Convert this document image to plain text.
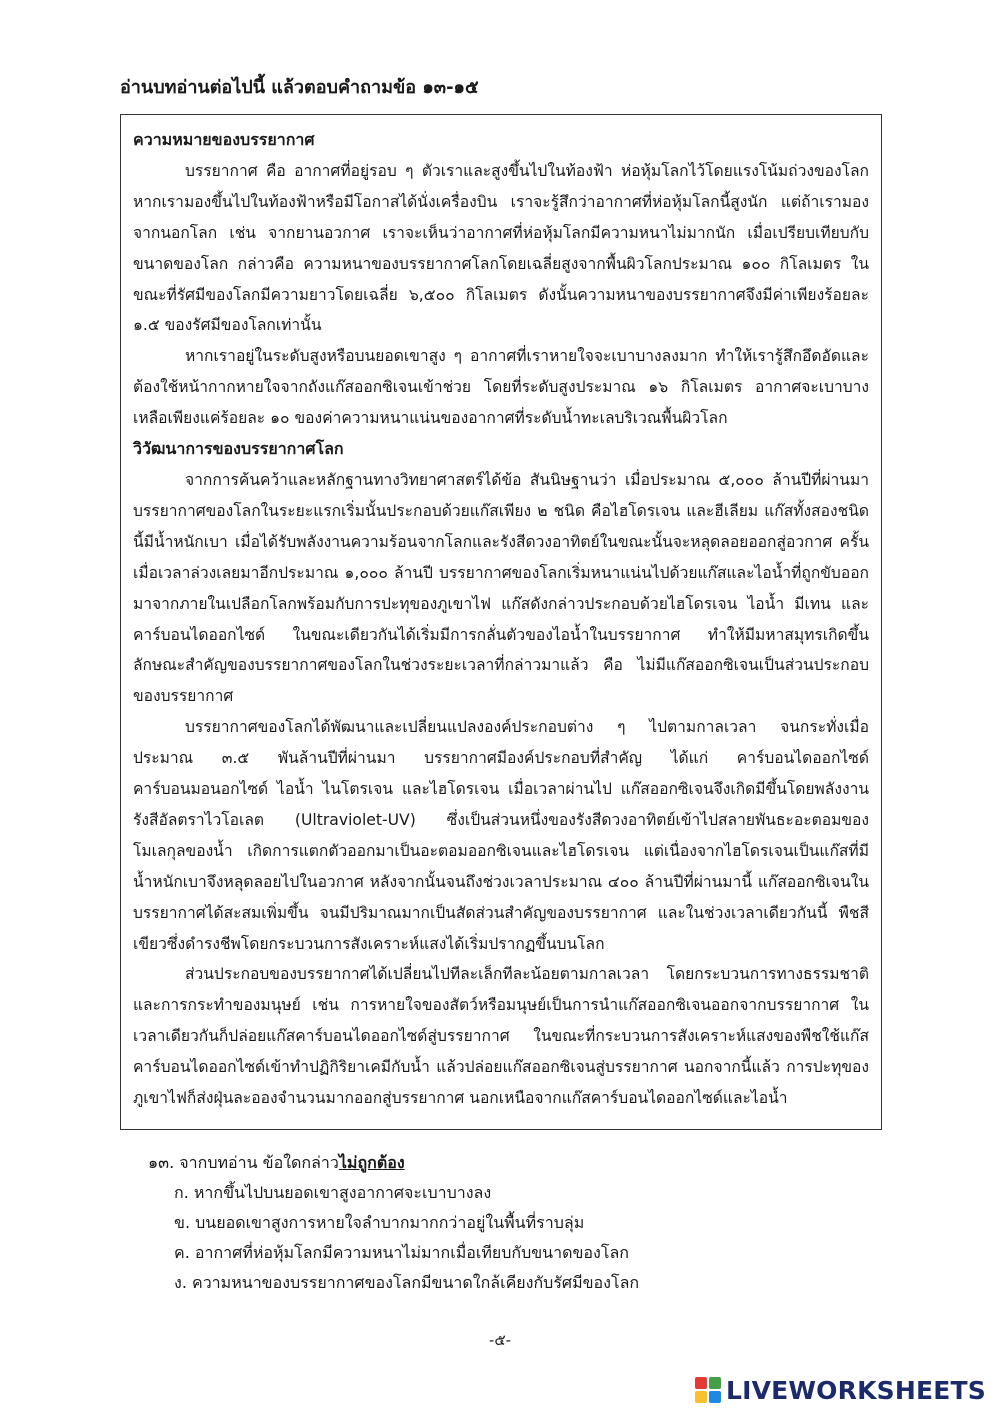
อ่านบทอ่านต่อไปนี้ แล้วตอบคำถามข้อ ๑๓-๑๕
ความหมายของบรรยากาศ

บรรยากาศ คือ อากาศที่อยู่รอบ ๆ ตัวเราและสูงขึ้นไปในท้องฟ้า ห่อหุ้มโลกไว้โดยแรงโน้มถ่วงของโลก หากเรามองขึ้นไปในท้องฟ้าหรือมีโอกาสได้นั่งเครื่องบิน เราจะรู้สึกว่าอากาศที่ห่อหุ้มโลกนี้สูงนัก แต่ถ้าเรามองจากนอกโลก เช่น จากยานอวกาศ เราจะเห็นว่าอากาศที่ห่อหุ้มโลกมีความหนาไม่มากนัก เมื่อเปรียบเทียบกับขนาดของโลก กล่าวคือ ความหนาของบรรยากาศโลกโดยเฉลี่ยสูงจากพื้นผิวโลกประมาณ ๑๐๐ กิโลเมตร ในขณะที่รัศมีของโลกมีความยาวโดยเฉลี่ย ๖,๕๐๐ กิโลเมตร ดังนั้นความหนาของบรรยากาศจึงมีค่าเพียงร้อยละ ๑.๕ ของรัศมีของโลกเท่านั้น

หากเราอยู่ในระดับสูงหรือบนยอดเขาสูง ๆ อากาศที่เราหายใจจะเบาบางลงมาก ทำให้เรารู้สึกอึดอัดและต้องใช้หน้ากากหายใจจากถังแก๊สออกซิเจนเข้าช่วย โดยที่ระดับสูงประมาณ ๑๖ กิโลเมตร อากาศจะเบาบางเหลือเพียงแค่ร้อยละ ๑๐ ของค่าความหนาแน่นของอากาศที่ระดับน้ำทะเลบริเวณพื้นผิวโลก

วิวัฒนาการของบรรยากาศโลก

จากการค้นคว้าและหลักฐานทางวิทยาศาสตร์ได้ข้อ สันนิษฐานว่า เมื่อประมาณ ๕,๐๐๐ ล้านปีที่ผ่านมา บรรยากาศของโลกในระยะแรกเริ่มนั้นประกอบด้วยแก๊สเพียง ๒ ชนิด คือไฮโดรเจน และฮีเลียม แก๊สทั้งสองชนิดนี้มีน้ำหนักเบา เมื่อได้รับพลังงานความร้อนจากโลกและรังสีดวงอาทิตย์ในขณะนั้นจะหลุดลอยออกสู่อวกาศ ครั้นเมื่อเวลาล่วงเลยมาอีกประมาณ ๑,๐๐๐ ล้านปี บรรยากาศของโลกเริ่มหนาแน่นไปด้วยแก๊สและไอน้ำที่ถูกขับออกมาจากภายในเปลือกโลกพร้อมกับการปะทุของภูเขาไฟ แก๊สดังกล่าวประกอบด้วยไฮโดรเจน ไอน้ำ มีเทน และคาร์บอนไดออกไซด์ ในขณะเดียวกันได้เริ่มมีการกลั่นตัวของไอน้ำในบรรยากาศ ทำให้มีมหาสมุทรเกิดขึ้น ลักษณะสำคัญของบรรยากาศของโลกในช่วงระยะเวลาที่กล่าวมาแล้ว คือ ไม่มีแก๊สออกซิเจนเป็นส่วนประกอบของบรรยากาศ

บรรยากาศของโลกได้พัฒนาและเปลี่ยนแปลงองค์ประกอบต่าง ๆ ไปตามกาลเวลา จนกระทั่งเมื่อประมาณ ๓.๕ พันล้านปีที่ผ่านมา บรรยากาศมีองค์ประกอบที่สำคัญ ได้แก่ คาร์บอนไดออกไซด์ คาร์บอนมอนอกไซด์ ไอน้ำ ไนโตรเจน และไฮโดรเจน เมื่อเวลาผ่านไป แก๊สออกซิเจนจึงเกิดมีขึ้นโดยพลังงานรังสีอัลตราไวโอเลต (Ultraviolet-UV) ซึ่งเป็นส่วนหนึ่งของรังสีดวงอาทิตย์เข้าไปสลายพันธะอะตอมของโมเลกุลของน้ำ เกิดการแตกตัวออกมาเป็นอะตอมออกซิเจนและไฮโดรเจน แต่เนื่องจากไฮโดรเจนเป็นแก๊สที่มีน้ำหนักเบาจึงหลุดลอยไปในอวกาศ หลังจากนั้นจนถึงช่วงเวลาประมาณ ๔๐๐ ล้านปีที่ผ่านมานี้ แก๊สออกซิเจนในบรรยากาศได้สะสมเพิ่มขึ้น จนมีปริมาณมากเป็นสัดส่วนสำคัญของบรรยากาศ และในช่วงเวลาเดียวกันนี้ พืชสีเขียวซึ่งดำรงชีพโดยกระบวนการสังเคราะห์แสงได้เริ่มปรากฏขึ้นบนโลก

ส่วนประกอบของบรรยากาศได้เปลี่ยนไปทีละเล็กทีละน้อยตามกาลเวลา โดยกระบวนการทางธรรมชาติและการกระทำของมนุษย์ เช่น การหายใจของสัตว์หรือมนุษย์เป็นการนำแก๊สออกซิเจนออกจากบรรยากาศ ในเวลาเดียวกันก็ปล่อยแก๊สคาร์บอนไดออกไซด์สู่บรรยากาศ ในขณะที่กระบวนการสังเคราะห์แสงของพืชใช้แก๊สคาร์บอนไดออกไซด์เข้าทำปฏิกิริยาเคมีกับน้ำ แล้วปล่อยแก๊สออกซิเจนสู่บรรยากาศ นอกจากนี้แล้ว การปะทุของภูเขาไฟก็ส่งฝุ่นละอองจำนวนมากออกสู่บรรยากาศ นอกเหนือจากแก๊สคาร์บอนไดออกไซด์และไอน้ำ

๑๓. จากบทอ่าน ข้อใดกล่าวไม่ถูกต้อง
ก. หากขึ้นไปบนยอดเขาสูงอากาศจะเบาบางลง
ข. บนยอดเขาสูงการหายใจลำบากมากกว่าอยู่ในพื้นที่ราบลุ่ม
ค. อากาศที่ห่อหุ้มโลกมีความหนาไม่มากเมื่อเทียบกับขนาดของโลก
ง. ความหนาของบรรยากาศของโลกมีขนาดใกล้เคียงกับรัศมีของโลก
-๕-
LIVEWORKSHEETS
